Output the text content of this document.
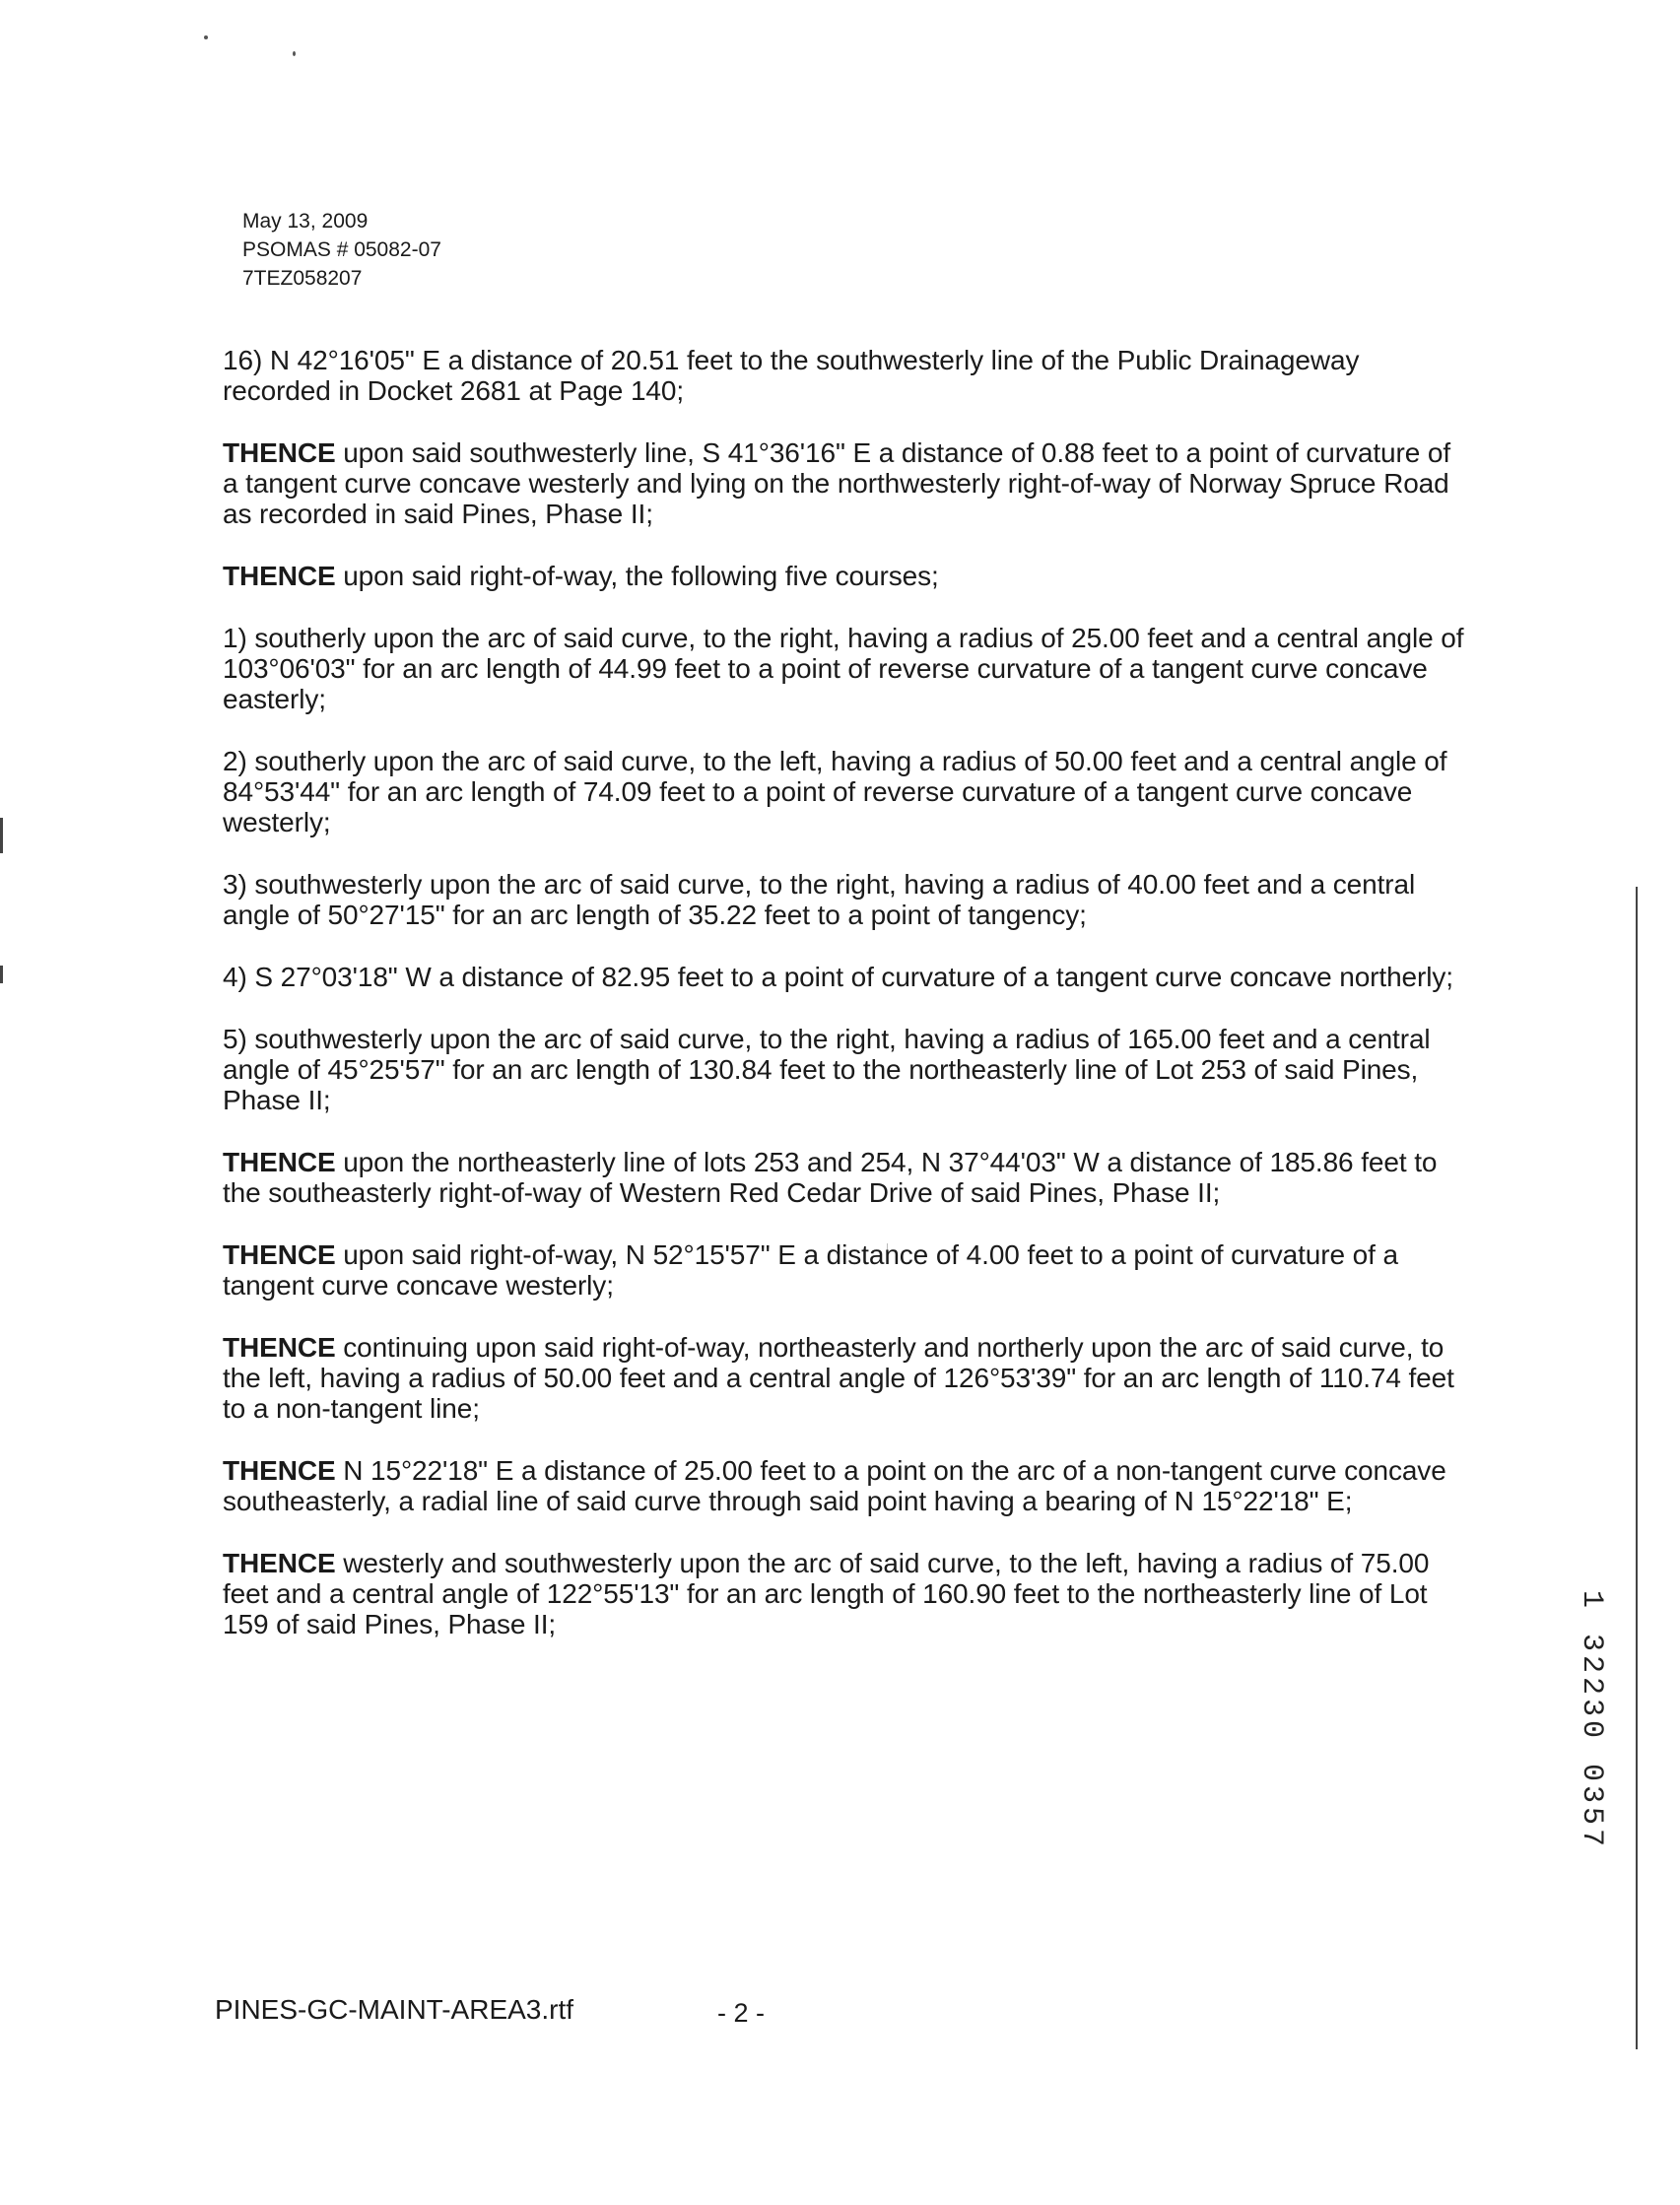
May 13, 2009
PSOMAS # 05082-07
7TEZ058207

16) N 42°16'05" E a distance of 20.51 feet to the southwesterly line of the Public Drainageway recorded in Docket 2681 at Page 140;

THENCE upon said southwesterly line, S 41°36'16" E a distance of 0.88 feet to a point of curvature of a tangent curve concave westerly and lying on the northwesterly right-of-way of Norway Spruce Road as recorded in said Pines, Phase II;

THENCE upon said right-of-way, the following five courses;

1) southerly upon the arc of said curve, to the right, having a radius of 25.00 feet and a central angle of 103°06'03" for an arc length of 44.99 feet to a point of reverse curvature of a tangent curve concave easterly;

2) southerly upon the arc of said curve, to the left, having a radius of 50.00 feet and a central angle of 84°53'44" for an arc length of 74.09 feet to a point of reverse curvature of a tangent curve concave westerly;

3) southwesterly upon the arc of said curve, to the right, having a radius of 40.00 feet and a central angle of 50°27'15" for an arc length of 35.22 feet to a point of tangency;

4) S 27°03'18" W a distance of 82.95 feet to a point of curvature of a tangent curve concave northerly;

5) southwesterly upon the arc of said curve, to the right, having a radius of 165.00 feet and a central angle of 45°25'57" for an arc length of 130.84 feet to the northeasterly line of Lot 253 of said Pines, Phase II;

THENCE upon the northeasterly line of lots 253 and 254, N 37°44'03" W a distance of 185.86 feet to the southeasterly right-of-way of Western Red Cedar Drive of said Pines, Phase II;

THENCE upon said right-of-way, N 52°15'57" E a distance of 4.00 feet to a point of curvature of a tangent curve concave westerly;

THENCE continuing upon said right-of-way, northeasterly and northerly upon the arc of said curve, to the left, having a radius of 50.00 feet and a central angle of 126°53'39" for an arc length of 110.74 feet to a non-tangent line;

THENCE N 15°22'18" E a distance of 25.00 feet to a point on the arc of a non-tangent curve concave southeasterly, a radial line of said curve through said point having a bearing of N 15°22'18" E;

THENCE westerly and southwesterly upon the arc of said curve, to the left, having a radius of 75.00 feet and a central angle of 122°55'13" for an arc length of 160.90 feet to the northeasterly line of Lot 159 of said Pines, Phase II;

PINES-GC-MAINT-AREA3.rtf	- 2 -
1 32230 0357
